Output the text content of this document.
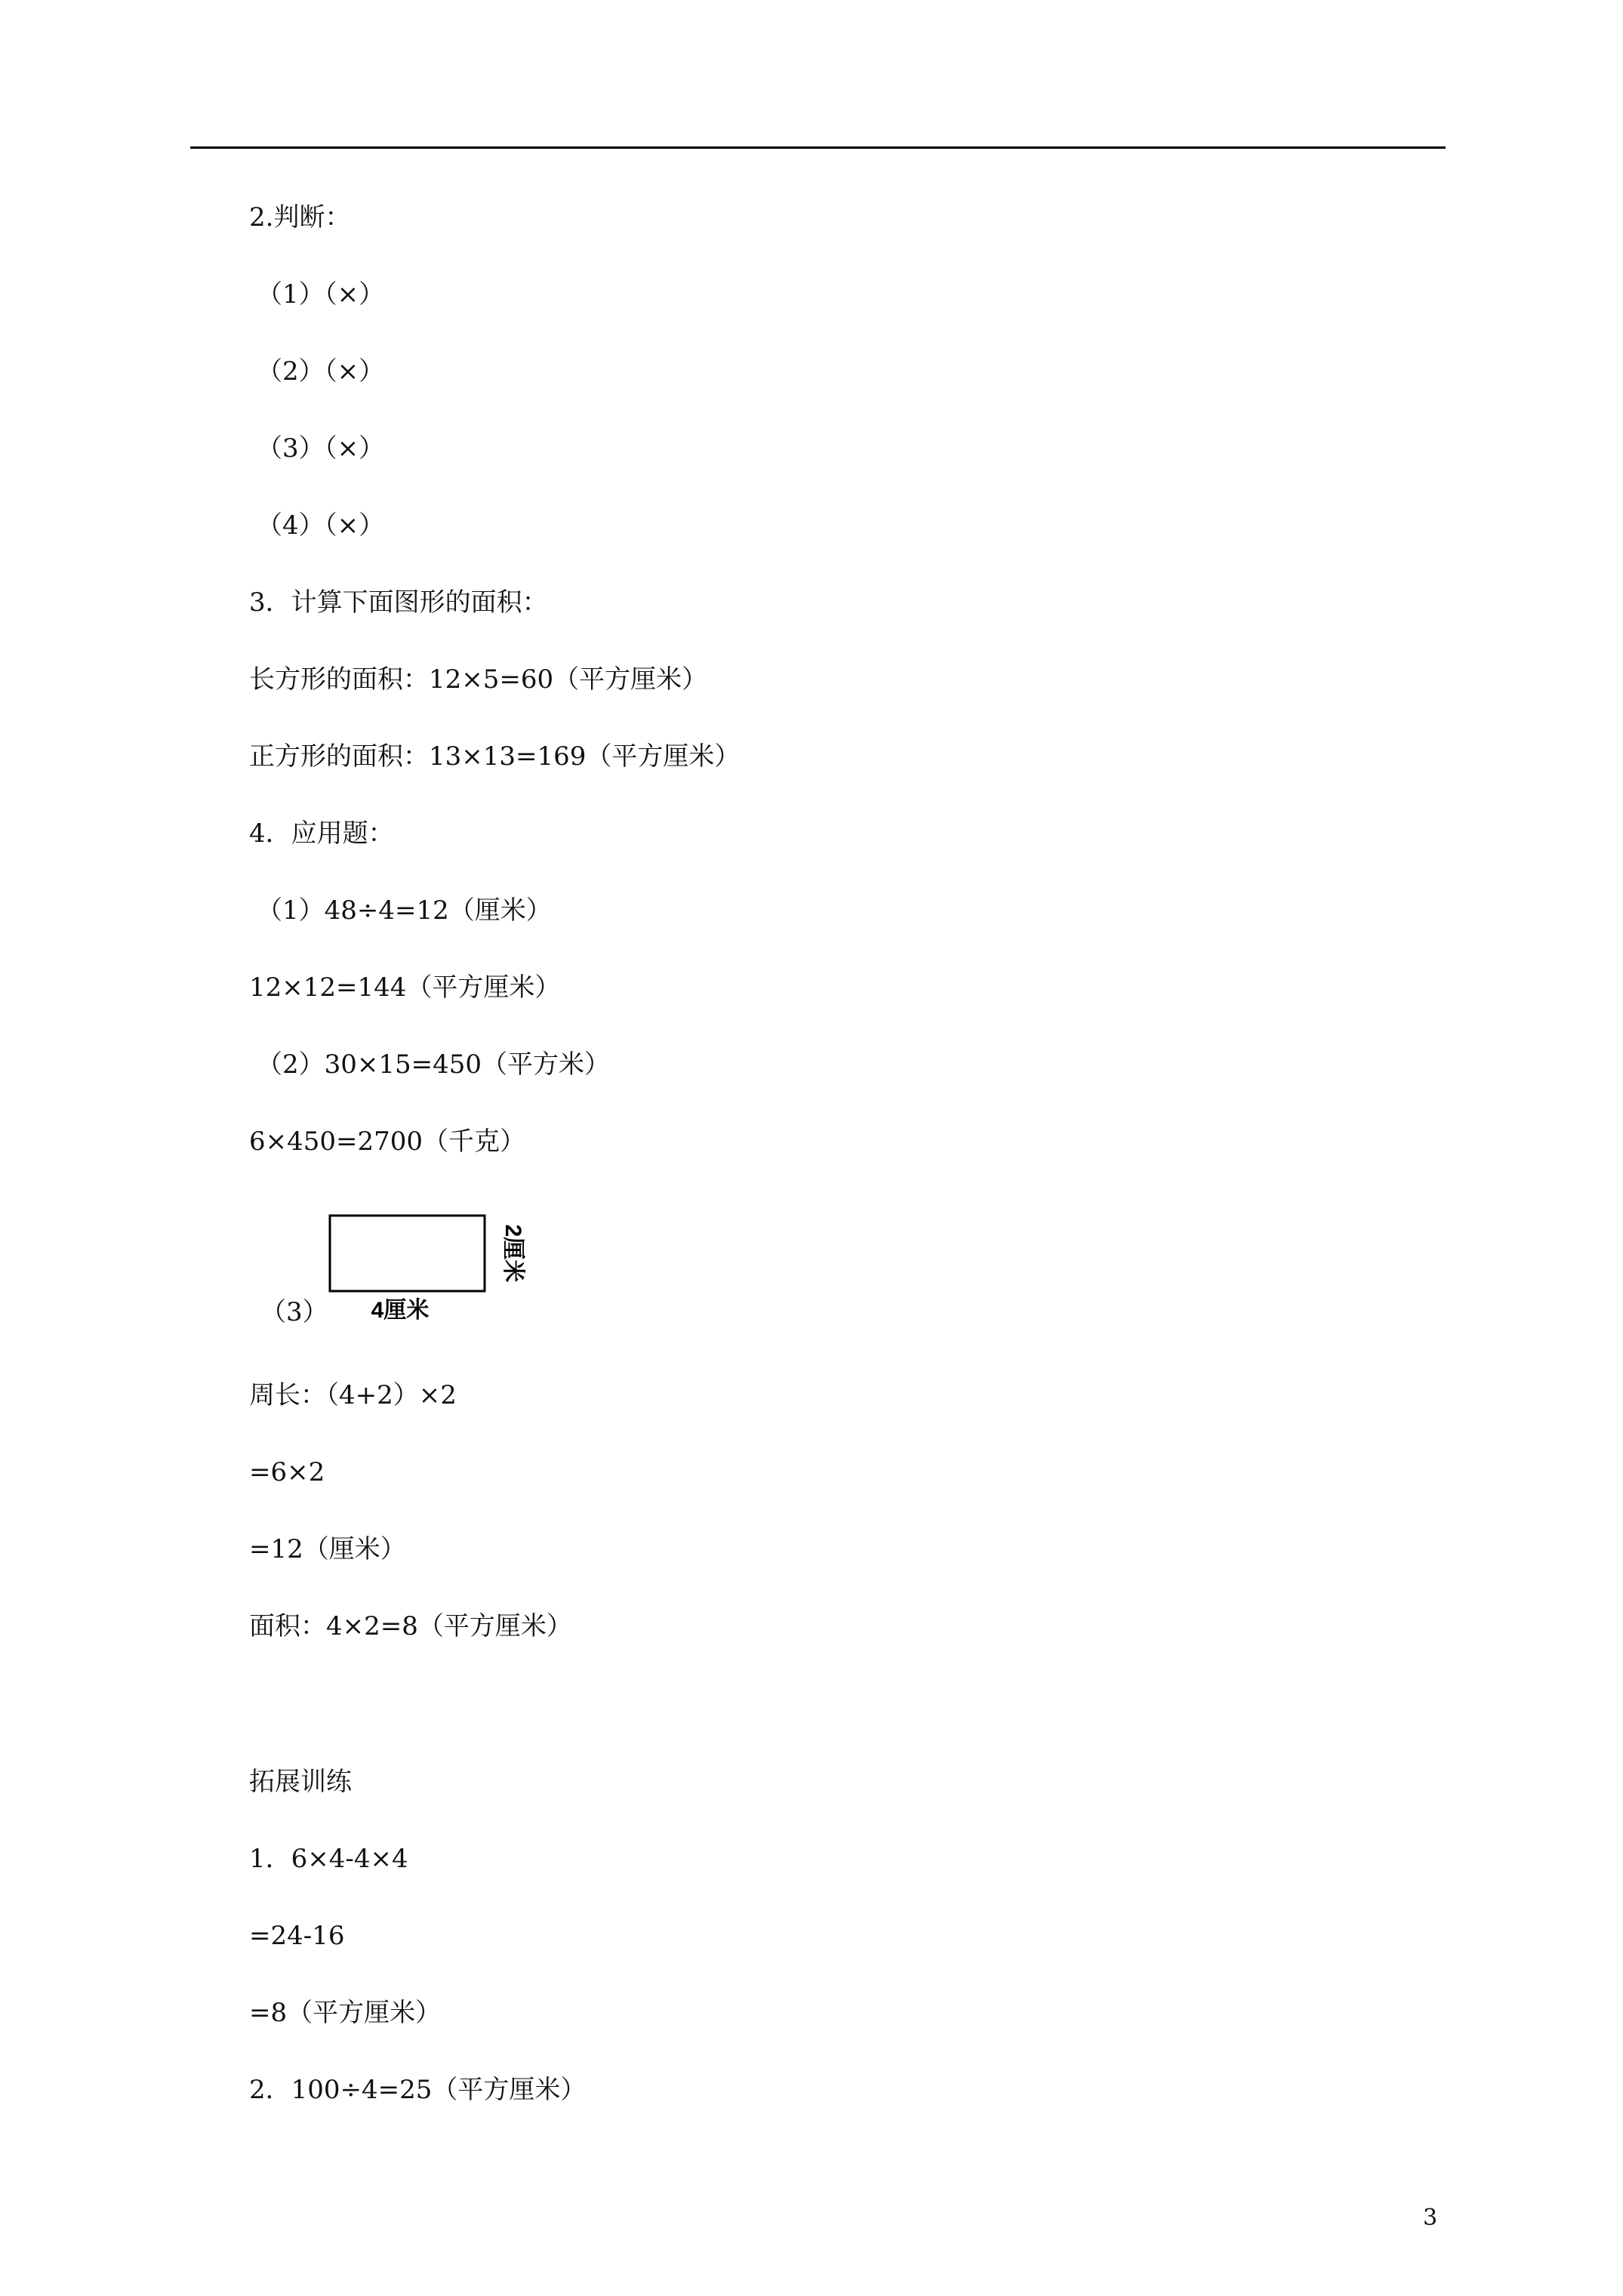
2.判断：
（1）（×）
（2）（×）
（3）（×）
（4）（×）
3．计算下面图形的面积：
长方形的面积：12×5=60（平方厘米）
正方形的面积：13×13=169（平方厘米）
4．应用题：
（1）48÷4=12（厘米）
12×12=144（平方厘米）
（2）30×15=450（平方米）
6×450=2700（千克）
（3） 4厘米
2厘米
周长：（4+2）×2
=6×2
=12（厘米）
面积：4×2=8（平方厘米）
拓展训练
1．6×4-4×4
=24-16
=8（平方厘米）
2．100÷4=25（平方厘米）
3
